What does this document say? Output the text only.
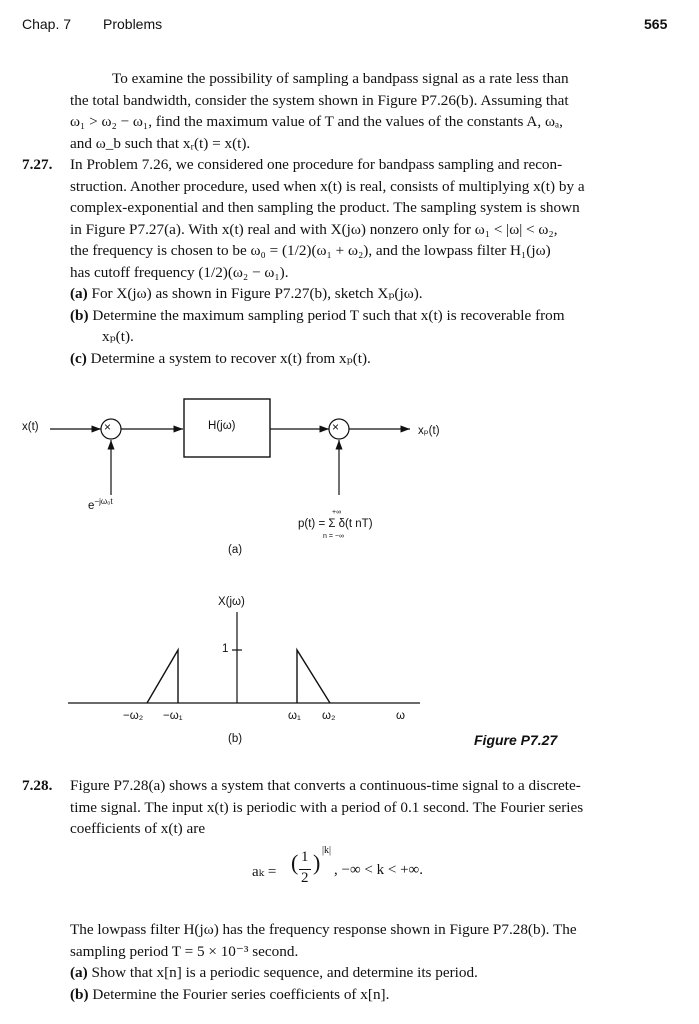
Chap. 7 Problems	565
To examine the possibility of sampling a bandpass signal as a rate less than
the total bandwidth, consider the system shown in Figure P7.26(b). Assuming that
ω₁ > ω₂ − ω₁, find the maximum value of T and the values of the constants A, ωₐ,
and ω_b such that xᵣ(t) = x(t).
7.27. In Problem 7.26, we considered one procedure for bandpass sampling and recon-
struction. Another procedure, used when x(t) is real, consists of multiplying x(t) by a
complex-exponential and then sampling the product. The sampling system is shown
in Figure P7.27(a). With x(t) real and with X(jω) nonzero only for ω₁ < |ω| < ω₂,
the frequency is chosen to be ω₀ = (1/2)(ω₁ + ω₂), and the lowpass filter H₁(jω)
has cutoff frequency (1/2)(ω₂ − ω₁).
(a) For X(jω) as shown in Figure P7.27(b), sketch Xₚ(jω).
(b) Determine the maximum sampling period T such that x(t) is recoverable from
xₚ(t).
(c) Determine a system to recover x(t) from xₚ(t).
x(t)	×	×
H(jω)	xₚ(t)
$e^{-j\omega_0t}$
+∞
p(t) = Σ δ(t nT)
n = −∞
(a)
X(jω)
1
−ω₂ −ω₁	ω₁ ω₂	ω
(b)	Figure P7.27
7.28. Figure P7.28(a) shows a system that converts a continuous-time signal to a discrete-
time signal. The input x(t) is periodic with a period of 0.1 second. The Fourier series
coefficients of x(t) are
aₖ = ( 1
2
) |k|
, −∞ < k < +∞.
The lowpass filter H(jω) has the frequency response shown in Figure P7.28(b). The
sampling period T = 5 × 10⁻³ second.
(a) Show that x[n] is a periodic sequence, and determine its period.
(b) Determine the Fourier series coefficients of x[n].
